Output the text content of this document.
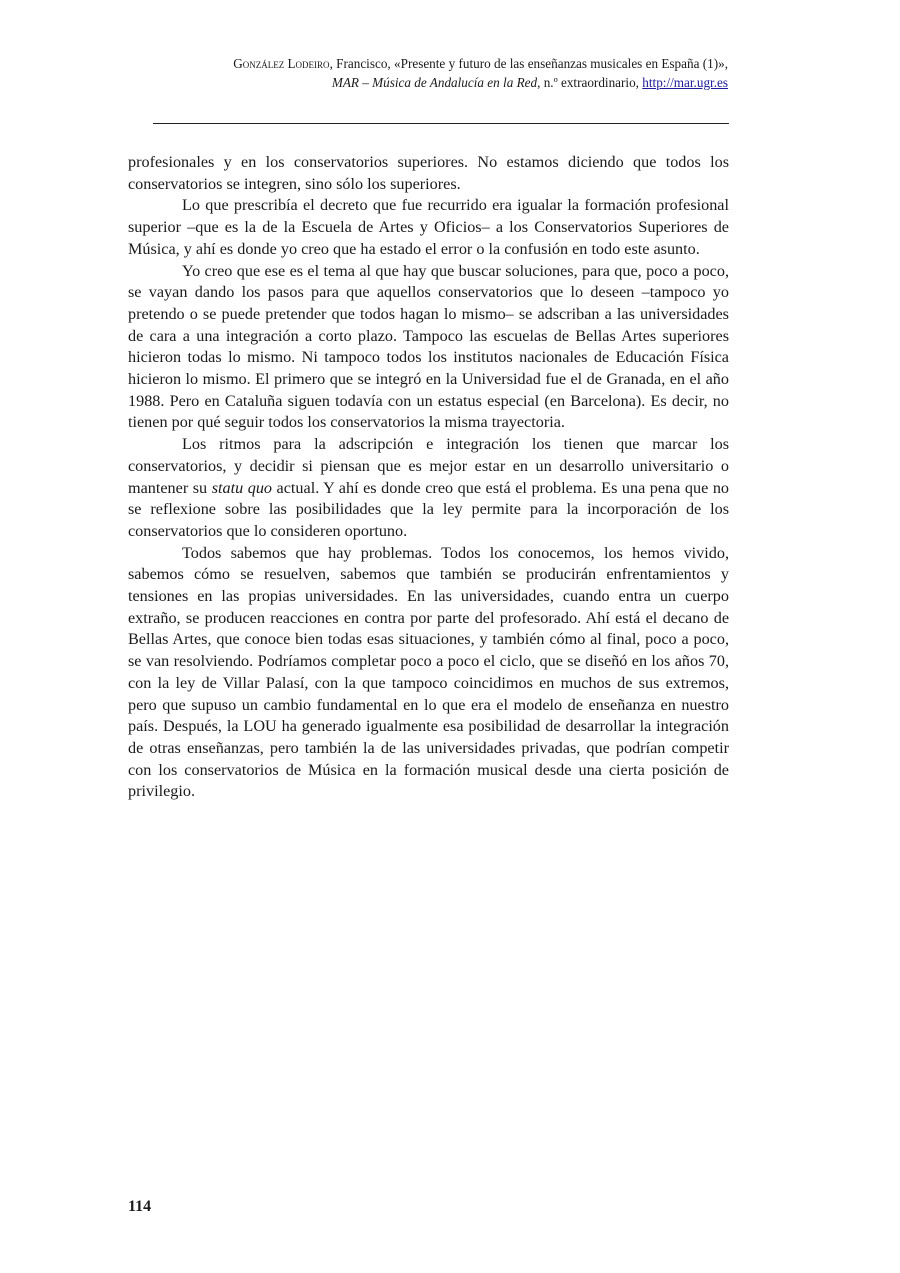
González Lodeiro, Francisco, «Presente y futuro de las enseñanzas musicales en España (1)»,
MAR – Música de Andalucía en la Red, n.º extraordinario, http://mar.ugr.es

profesionales y en los conservatorios superiores. No estamos diciendo que todos los conservatorios se integren, sino sólo los superiores.

Lo que prescribía el decreto que fue recurrido era igualar la formación profesional superior –que es la de la Escuela de Artes y Oficios– a los Conservatorios Superiores de Música, y ahí es donde yo creo que ha estado el error o la confusión en todo este asunto.

Yo creo que ese es el tema al que hay que buscar soluciones, para que, poco a poco, se vayan dando los pasos para que aquellos conservatorios que lo deseen –tampoco yo pretendo o se puede pretender que todos hagan lo mismo– se adscriban a las universidades de cara a una integración a corto plazo. Tampoco las escuelas de Bellas Artes superiores hicieron todas lo mismo. Ni tampoco todos los institutos nacionales de Educación Física hicieron lo mismo. El primero que se integró en la Universidad fue el de Granada, en el año 1988. Pero en Cataluña siguen todavía con un estatus especial (en Barcelona). Es decir, no tienen por qué seguir todos los conservatorios la misma trayectoria.

Los ritmos para la adscripción e integración los tienen que marcar los conservatorios, y decidir si piensan que es mejor estar en un desarrollo universitario o mantener su statu quo actual. Y ahí es donde creo que está el problema. Es una pena que no se reflexione sobre las posibilidades que la ley permite para la incorporación de los conservatorios que lo consideren oportuno.

Todos sabemos que hay problemas. Todos los conocemos, los hemos vivido, sabemos cómo se resuelven, sabemos que también se producirán enfrentamientos y tensiones en las propias universidades. En las universidades, cuando entra un cuerpo extraño, se producen reacciones en contra por parte del profesorado. Ahí está el decano de Bellas Artes, que conoce bien todas esas situaciones, y también cómo al final, poco a poco, se van resolviendo. Podríamos completar poco a poco el ciclo, que se diseñó en los años 70, con la ley de Villar Palasí, con la que tampoco coincidimos en muchos de sus extremos, pero que supuso un cambio fundamental en lo que era el modelo de enseñanza en nuestro país. Después, la LOU ha generado igualmente esa posibilidad de desarrollar la integración de otras enseñanzas, pero también la de las universidades privadas, que podrían competir con los conservatorios de Música en la formación musical desde una cierta posición de privilegio.

114
